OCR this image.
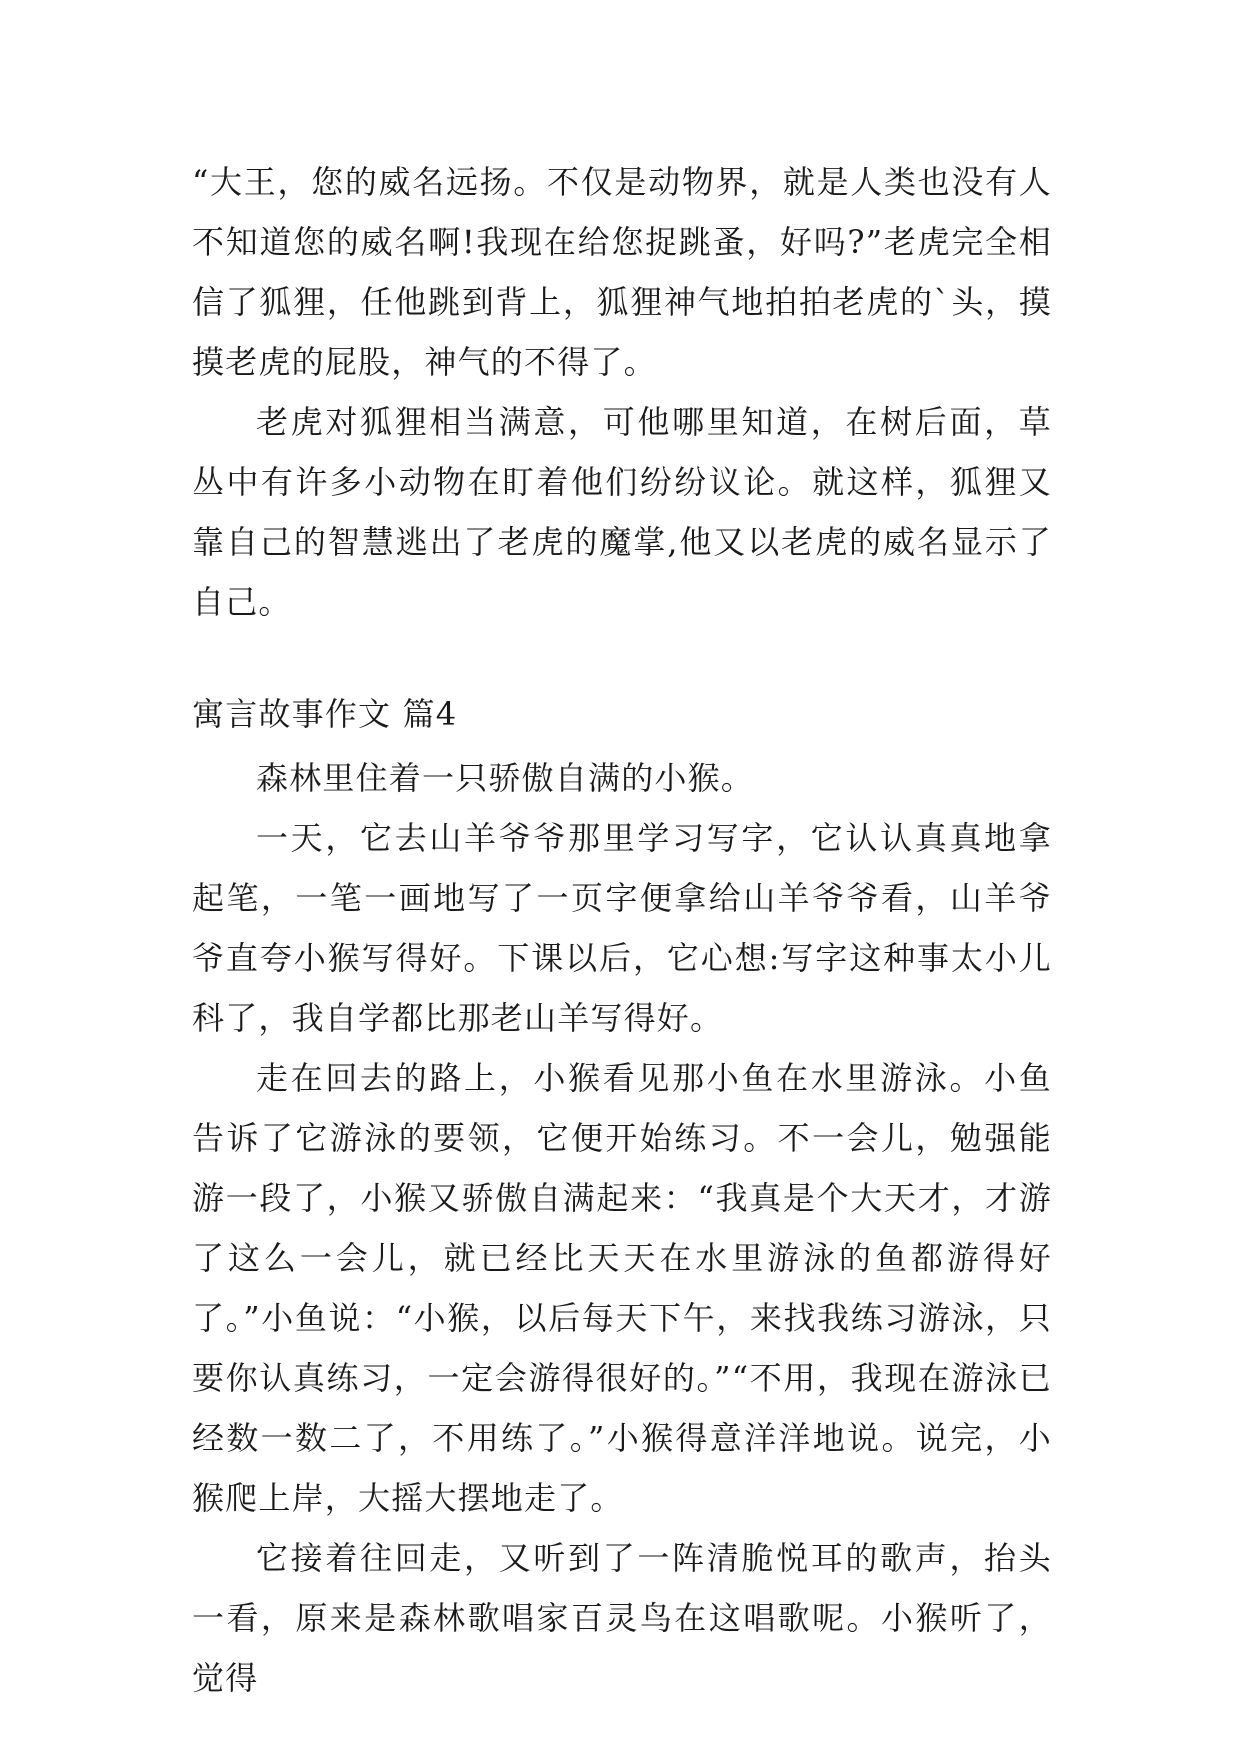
“大王，您的威名远扬。不仅是动物界，就是人类也没有人不知道您的威名啊!我现在给您捉跳蚤，好吗?”老虎完全相信了狐狸，任他跳到背上，狐狸神气地拍拍老虎的`头，摸摸老虎的屁股，神气的不得了。

老虎对狐狸相当满意，可他哪里知道，在树后面，草丛中有许多小动物在盯着他们纷纷议论。就这样，狐狸又靠自己的智慧逃出了老虎的魔掌,他又以老虎的威名显示了自己。

寓言故事作文 篇4

森林里住着一只骄傲自满的小猴。

一天，它去山羊爷爷那里学习写字，它认认真真地拿起笔，一笔一画地写了一页字便拿给山羊爷爷看，山羊爷爷直夸小猴写得好。下课以后，它心想:写字这种事太小儿科了，我自学都比那老山羊写得好。

走在回去的路上，小猴看见那小鱼在水里游泳。小鱼告诉了它游泳的要领，它便开始练习。不一会儿，勉强能游一段了，小猴又骄傲自满起来：“我真是个大天才，才游了这么一会儿，就已经比天天在水里游泳的鱼都游得好了。”小鱼说：“小猴，以后每天下午，来找我练习游泳，只要你认真练习，一定会游得很好的。”“不用，我现在游泳已经数一数二了，不用练了。”小猴得意洋洋地说。说完，小猴爬上岸，大摇大摆地走了。

它接着往回走，又听到了一阵清脆悦耳的歌声，抬头一看，原来是森林歌唱家百灵鸟在这唱歌呢。小猴听了，觉得
